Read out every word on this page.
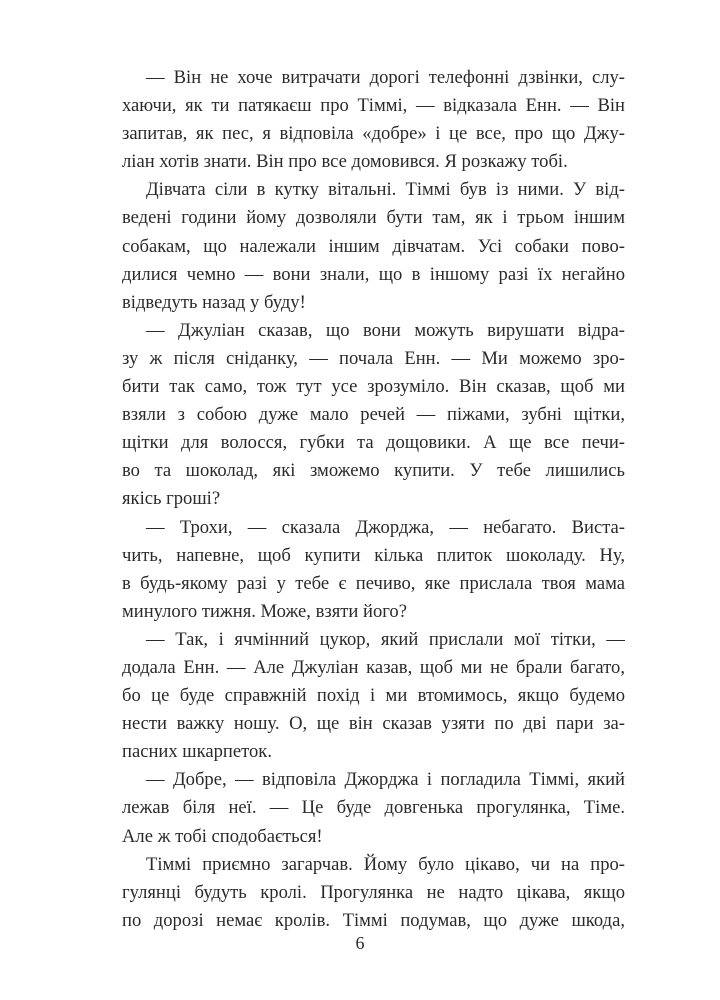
— Він не хоче витрачати дорогі телефонні дзвінки, слу-
хаючи, як ти патякаєш про Тіммі, — відказала Енн. — Він
запитав, як пес, я відповіла «добре» і це все, про що Джу-
ліан хотів знати. Він про все домовився. Я розкажу тобі.
Дівчата сіли в кутку вітальні. Тіммі був із ними. У від-
ведені години йому дозволяли бути там, як і трьом іншим
собакам, що належали іншим дівчатам. Усі собаки пово-
дилися чемно — вони знали, що в іншому разі їх негайно
відведуть назад у буду!
— Джуліан сказав, що вони можуть вирушати відра-
зу ж після сніданку, — почала Енн. — Ми можемо зро-
бити так само, тож тут усе зрозуміло. Він сказав, щоб ми
взяли з собою дуже мало речей — піжами, зубні щітки,
щітки для волосся, губки та дощовики. А ще все печи-
во та шоколад, які зможемо купити. У тебе лишились
якісь гроші?
— Трохи, — сказала Джорджа, — небагато. Виста-
чить, напевне, щоб купити кілька плиток шоколаду. Ну,
в будь-якому разі у тебе є печиво, яке прислала твоя мама
минулого тижня. Може, взяти його?
— Так, і ячмінний цукор, який прислали мої тітки, —
додала Енн. — Але Джуліан казав, щоб ми не брали багато,
бо це буде справжній похід і ми втомимось, якщо будемо
нести важку ношу. О, ще він сказав узяти по дві пари за-
пасних шкарпеток.
— Добре, — відповіла Джорджа і погладила Тіммі, який
лежав біля неї. — Це буде довгенька прогулянка, Тіме.
Але ж тобі сподобається!
Тіммі приємно загарчав. Йому було цікаво, чи на про-
гулянці будуть кролі. Прогулянка не надто цікава, якщо
по дорозі немає кролів. Тіммі подумав, що дуже шкода,
6
